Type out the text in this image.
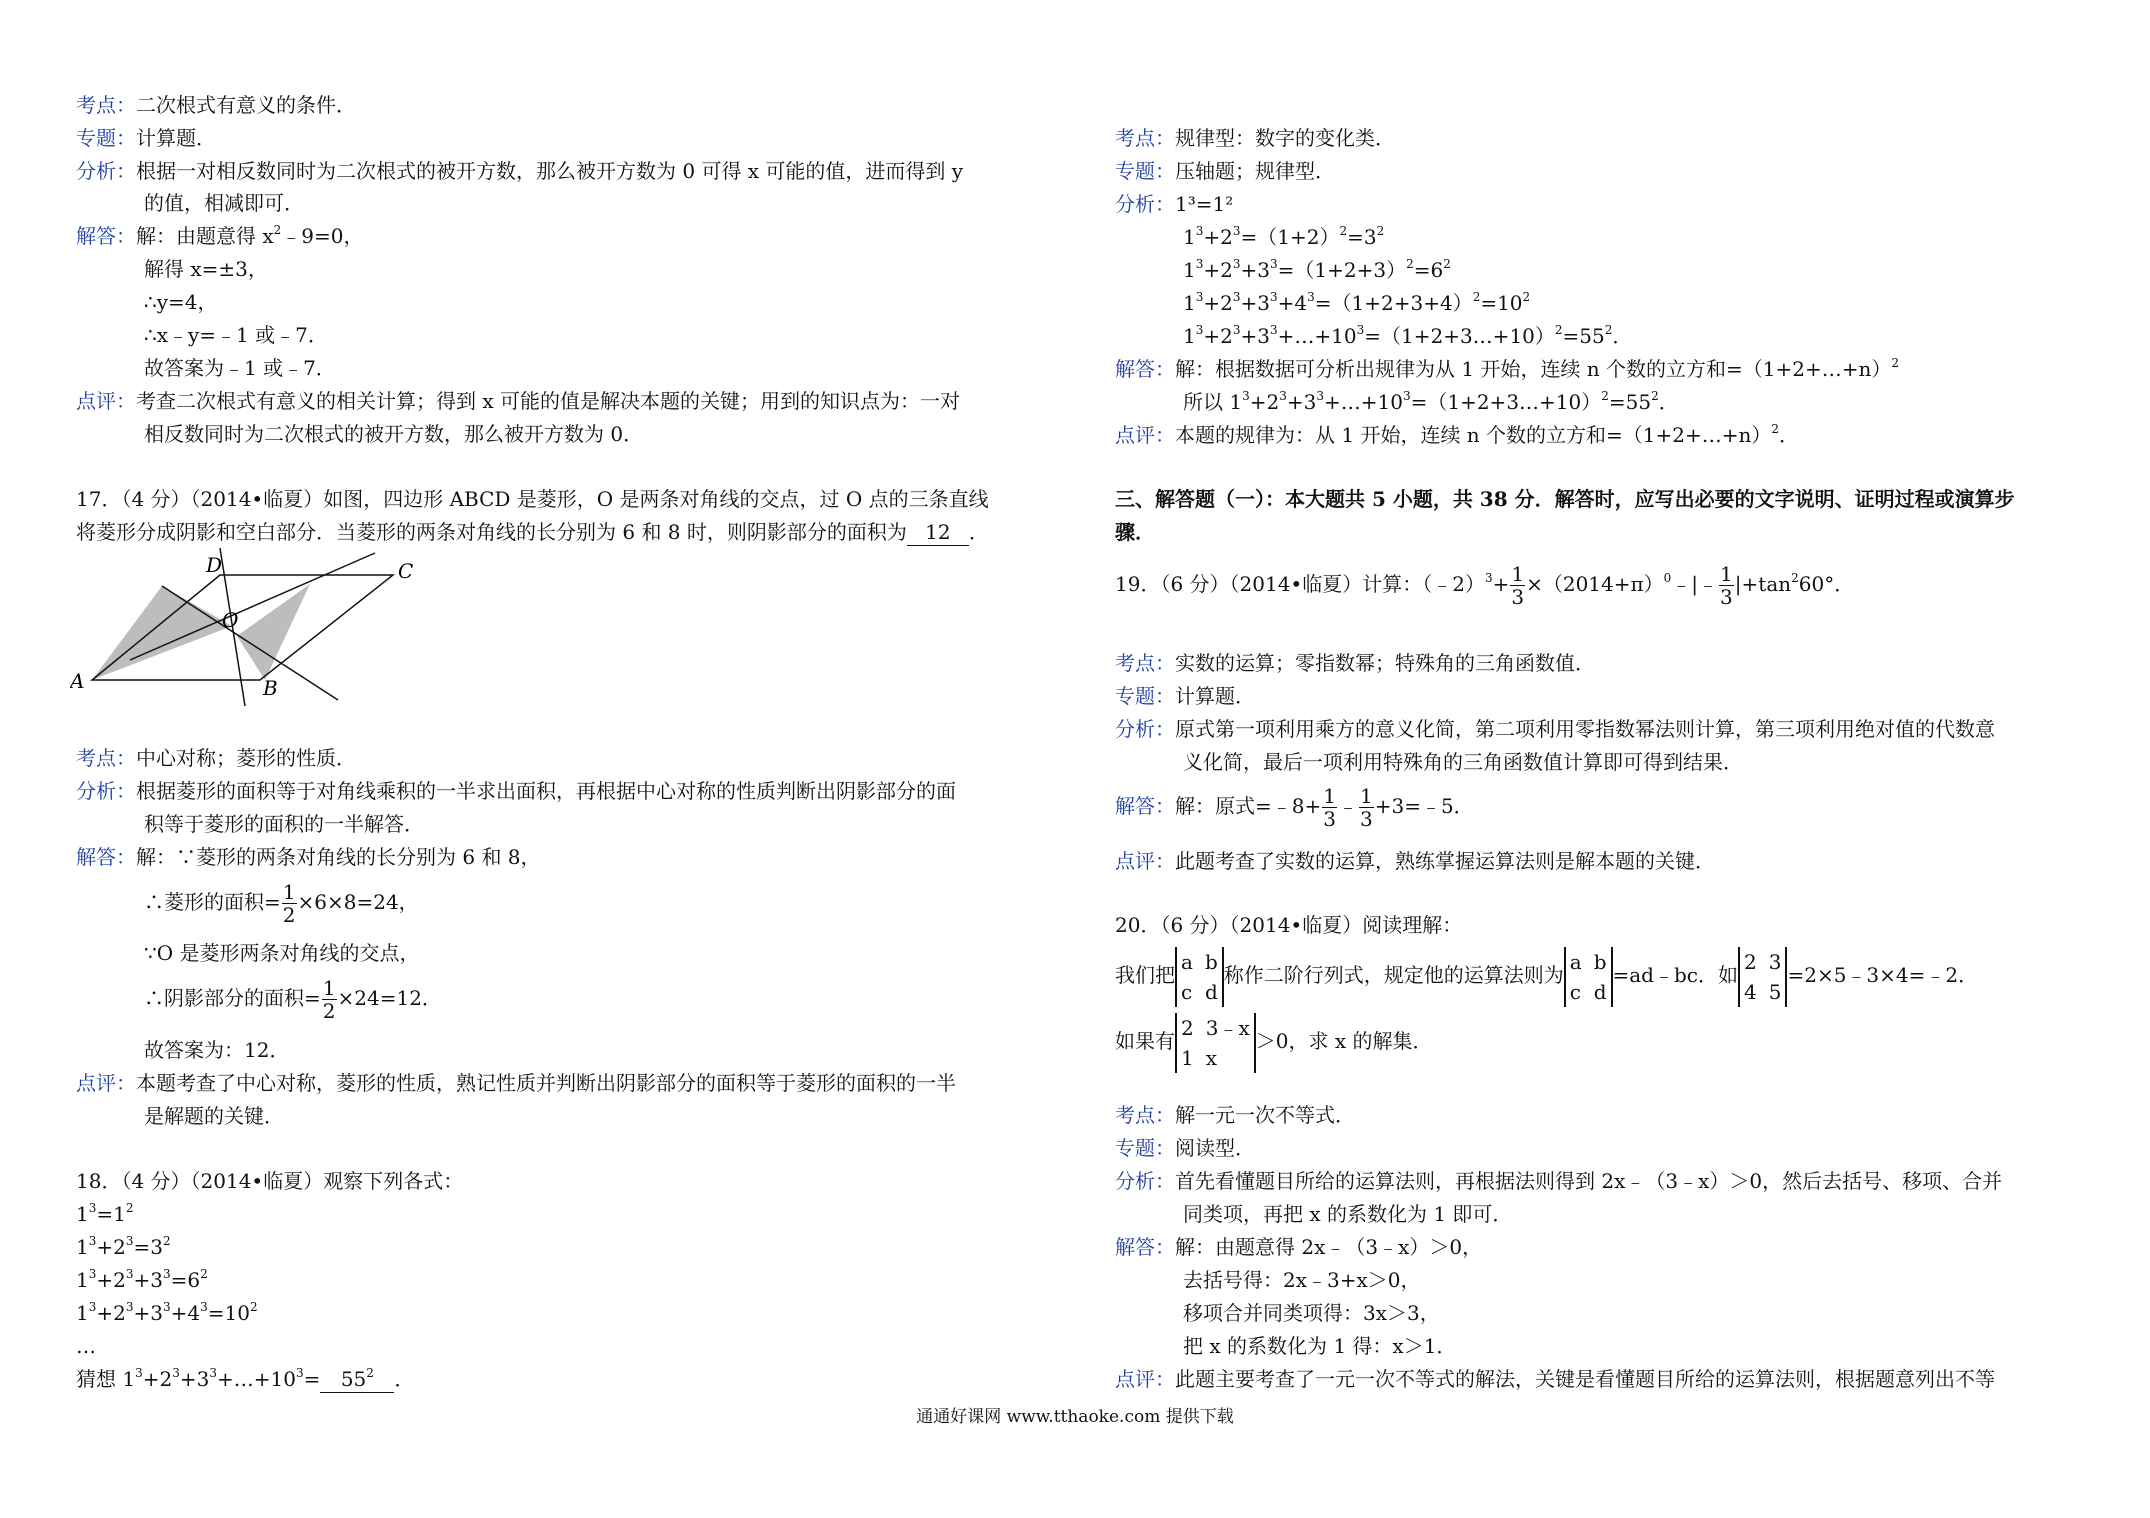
考点：二次根式有意义的条件．
专题：计算题．
分析：根据一对相反数同时为二次根式的被开方数，那么被开方数为 0 可得 x 可能的值，进而得到 y
的值，相减即可．
解答：解：由题意得 $x^2﹣9=0$，
解得 x=±3，
∴y=4，
∴x﹣y=﹣1 或﹣7．
故答案为﹣1 或﹣7．
点评：考查二次根式有意义的相关计算；得到 x 可能的值是解决本题的关键；用到的知识点为：一对
相反数同时为二次根式的被开方数，那么被开方数为 0．
17．（4 分）（2014•临夏）如图，四边形 ABCD 是菱形，O 是两条对角线的交点，过 O 点的三条直线
将菱形分成阴影和空白部分．当菱形的两条对角线的长分别为 6 和 8 时，则阴影部分的面积为 12 ．
A	B
C
D
O
考点：中心对称；菱形的性质．
分析：根据菱形的面积等于对角线乘积的一半求出面积，再根据中心对称的性质判断出阴影部分的面
积等于菱形的面积的一半解答．
解答：解：∵菱形的两条对角线的长分别为 6 和 8，
∴菱形的面积= $\frac{1}{2} \times 6\times 8=24$，
∵O 是菱形两条对角线的交点，
∴阴影部分的面积= $\frac{1}{2} \times 24=12$．
故答案为：12．
点评：本题考查了中心对称，菱形的性质，熟记性质并判断出阴影部分的面积等于菱形的面积的一半
是解题的关键．
18．（4 分）（2014•临夏）观察下列各式：
$1^3=1^2$
$1^3+2^3=3^2$
$1^3+2^3+3^3=6^2$
$1^3+2^3+3^3+4^3=10^2$
…
猜想 $1^3+2^3+3^3+\dots+10^3= 55^2$ ．
考点：规律型：数字的变化类．
专题：压轴题；规律型．
分析：1³=1²
$1^3+2^3=(1+2)^2=3^2$
$1^3+2^3+3^3=(1+2+3)^2=6^2$
$1^3+2^3+3^3+4^3=(1+2+3+4)^2=10^2$
$1^3+2^3+3^3+\dots+10^3=(1+2+3\dots+10)^2=55^2$．
解答：解：根据数据可分析出规律为从 1 开始，连续 n 个数的立方和=（1+2+…+n）$^2$
所以 $1^3+2^3+3^3+\dots+10^3=(1+2+3\dots+10)^2=55^2$．
点评：本题的规律为：从 1 开始，连续 n 个数的立方和=（1+2+…+n）$^2$．
三、解答题（一）：本大题共 5 小题，共 38 分．解答时，应写出必要的文字说明、证明过程或演算步
骤．
19．（6 分）（2014•临夏）计算：（﹣2）$^3$+ $\frac{1}{3}$ $\times(2014+\pi)^0﹣|﹣ \frac{1}{3} |+\tan^260^\circ$．
考点：实数的运算；零指数幂；特殊角的三角函数值．
专题：计算题．
分析：原式第一项利用乘方的意义化简，第二项利用零指数幂法则计算，第三项利用绝对值的代数意
义化简，最后一项利用特殊角的三角函数值计算即可得到结果．
解答：解：原式=﹣8+ $\frac{1}{3}$ ﹣ $\frac{1}{3}$ +3=﹣5．
点评：此题考查了实数的运算，熟练掌握运算法则是解本题的关键．
20．（6 分）（2014•临夏）阅读理解：
我们把
a b
c d
称作二阶行列式，规定他的运算法则为
a b
c d
=ad﹣bc．如
2 3
4 5
=2×5﹣3×4=﹣2．
如果有
2 3﹣x
1 x
＞0，求 x 的解集．
考点：解一元一次不等式．
专题：阅读型．
分析：首先看懂题目所给的运算法则，再根据法则得到 2x﹣（3﹣x）＞0，然后去括号、移项、合并
同类项，再把 x 的系数化为 1 即可．
解答：解：由题意得 2x﹣（3﹣x）＞0，
去括号得：2x﹣3+x＞0，
移项合并同类项得：3x＞3，
把 x 的系数化为 1 得：x＞1．
点评：此题主要考查了一元一次不等式的解法，关键是看懂题目所给的运算法则，根据题意列出不等
通通好课网 www.tthaoke.com 提供下载
